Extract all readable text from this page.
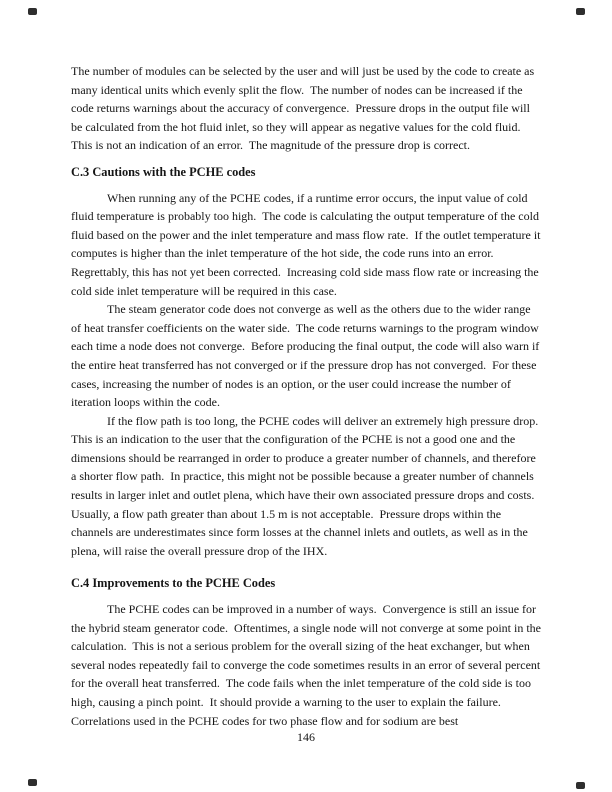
The number of modules can be selected by the user and will just be used by the code to create as many identical units which evenly split the flow.  The number of nodes can be increased if the code returns warnings about the accuracy of convergence.  Pressure drops in the output file will be calculated from the hot fluid inlet, so they will appear as negative values for the cold fluid.  This is not an indication of an error.  The magnitude of the pressure drop is correct.

C.3 Cautions with the PCHE codes

When running any of the PCHE codes, if a runtime error occurs, the input value of cold fluid temperature is probably too high.  The code is calculating the output temperature of the cold fluid based on the power and the inlet temperature and mass flow rate.  If the outlet temperature it computes is higher than the inlet temperature of the hot side, the code runs into an error.  Regrettably, this has not yet been corrected.  Increasing cold side mass flow rate or increasing the cold side inlet temperature will be required in this case.

The steam generator code does not converge as well as the others due to the wider range of heat transfer coefficients on the water side.  The code returns warnings to the program window each time a node does not converge.  Before producing the final output, the code will also warn if the entire heat transferred has not converged or if the pressure drop has not converged.  For these cases, increasing the number of nodes is an option, or the user could increase the number of iteration loops within the code.

If the flow path is too long, the PCHE codes will deliver an extremely high pressure drop.  This is an indication to the user that the configuration of the PCHE is not a good one and the dimensions should be rearranged in order to produce a greater number of channels, and therefore a shorter flow path.  In practice, this might not be possible because a greater number of channels results in larger inlet and outlet plena, which have their own associated pressure drops and costs.  Usually, a flow path greater than about 1.5 m is not acceptable.  Pressure drops within the channels are underestimates since form losses at the channel inlets and outlets, as well as in the plena, will raise the overall pressure drop of the IHX.

C.4 Improvements to the PCHE Codes

The PCHE codes can be improved in a number of ways.  Convergence is still an issue for the hybrid steam generator code.  Oftentimes, a single node will not converge at some point in the calculation.  This is not a serious problem for the overall sizing of the heat exchanger, but when several nodes repeatedly fail to converge the code sometimes results in an error of several percent for the overall heat transferred.  The code fails when the inlet temperature of the cold side is too high, causing a pinch point.  It should provide a warning to the user to explain the failure.  Correlations used in the PCHE codes for two phase flow and for sodium are best

146
